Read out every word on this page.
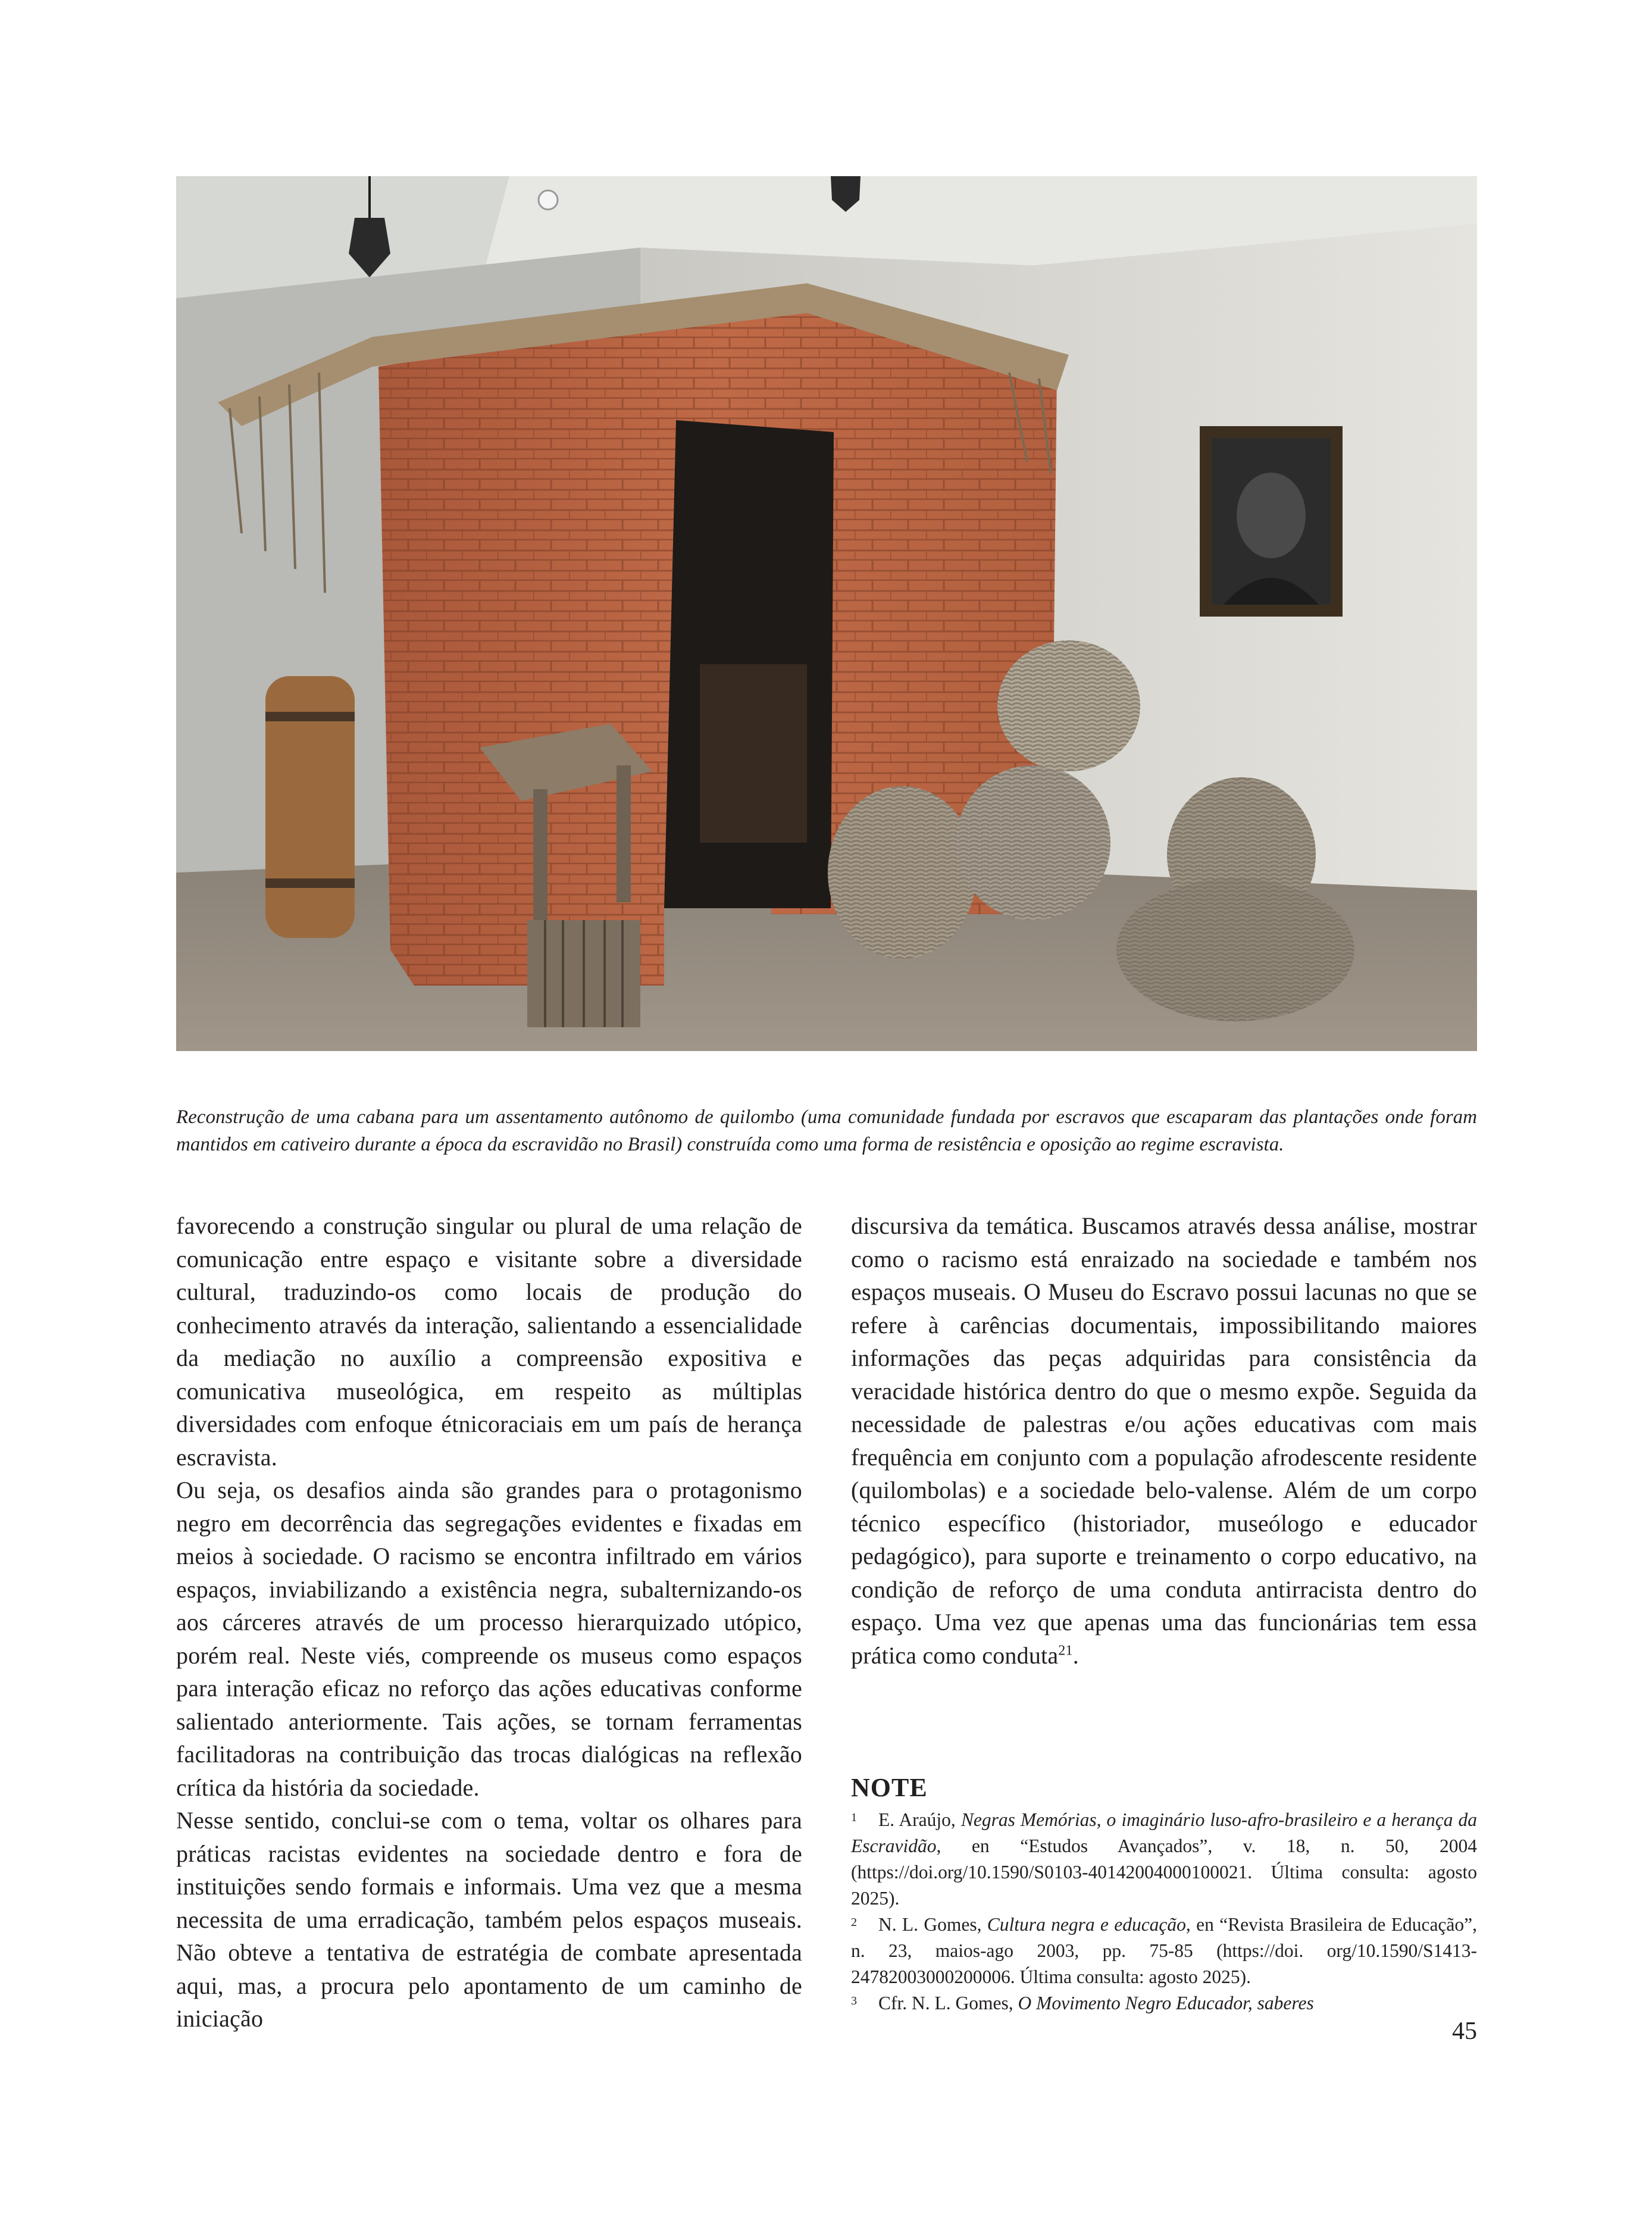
Reconstrução de uma cabana para um assentamento autônomo de quilombo (uma comunidade fundada por escravos que escaparam das plantações onde foram mantidos em cativeiro durante a época da escravidão no Brasil) construída como uma forma de resistência e oposição ao regime escravista.

favorecendo a construção singular ou plural de uma relação de comunicação entre espaço e visitante sobre a diversidade cultural, traduzindo-os como locais de produção do conhecimento através da interação, salientando a essencialidade da mediação no auxílio a compreensão expositiva e comunicativa museológica, em respeito as múltiplas diversidades com enfoque étnicoraciais em um país de herança escravista.

Ou seja, os desafios ainda são grandes para o protagonismo negro em decorrência das segregações evidentes e fixadas em meios à sociedade. O racismo se encontra infiltrado em vários espaços, inviabilizando a existência negra, subalternizando-os aos cárceres através de um processo hierarquizado utópico, porém real. Neste viés, compreende os museus como espaços para interação eficaz no reforço das ações educativas conforme salientado anteriormente. Tais ações, se tornam ferramentas facilitadoras na contribuição das trocas dialógicas na reflexão crítica da história da sociedade.

Nesse sentido, conclui-se com o tema, voltar os olhares para práticas racistas evidentes na sociedade dentro e fora de instituições sendo formais e informais. Uma vez que a mesma necessita de uma erradicação, também pelos espaços museais. Não obteve a tentativa de estratégia de combate apresentada aqui, mas, a procura pelo apontamento de um caminho de iniciação

discursiva da temática. Buscamos através dessa análise, mostrar como o racismo está enraizado na sociedade e também nos espaços museais. O Museu do Escravo possui lacunas no que se refere à carências documentais, impossibilitando maiores informações das peças adquiridas para consistência da veracidade histórica dentro do que o mesmo expõe. Seguida da necessidade de palestras e/ou ações educativas com mais frequência em conjunto com a população afrodescente residente (quilombolas) e a sociedade belo-valense. Além de um corpo técnico específico (historiador, museólogo e educador pedagógico), para suporte e treinamento o corpo educativo, na condição de reforço de uma conduta antirracista dentro do espaço. Uma vez que apenas uma das funcionárias tem essa prática como conduta$^{21}$.

NOTE

$^1$ E. Araújo, Negras Memórias, o imaginário luso-afro-brasileiro e a herança da Escravidão, en “Estudos Avançados”, v. 18, n. 50, 2004 (https://doi.org/10.1590/S0103-40142004000100021. Última consulta: agosto 2025).

$^2$ N. L. Gomes, Cultura negra e educação, en “Revista Brasileira de Educação”, n. 23, maios-ago 2003, pp. 75-85 (https://doi. org/10.1590/S1413- 24782003000200006. Última consulta: agosto 2025).

$^3$ Cfr. N. L. Gomes, O Movimento Negro Educador, saberes

45
